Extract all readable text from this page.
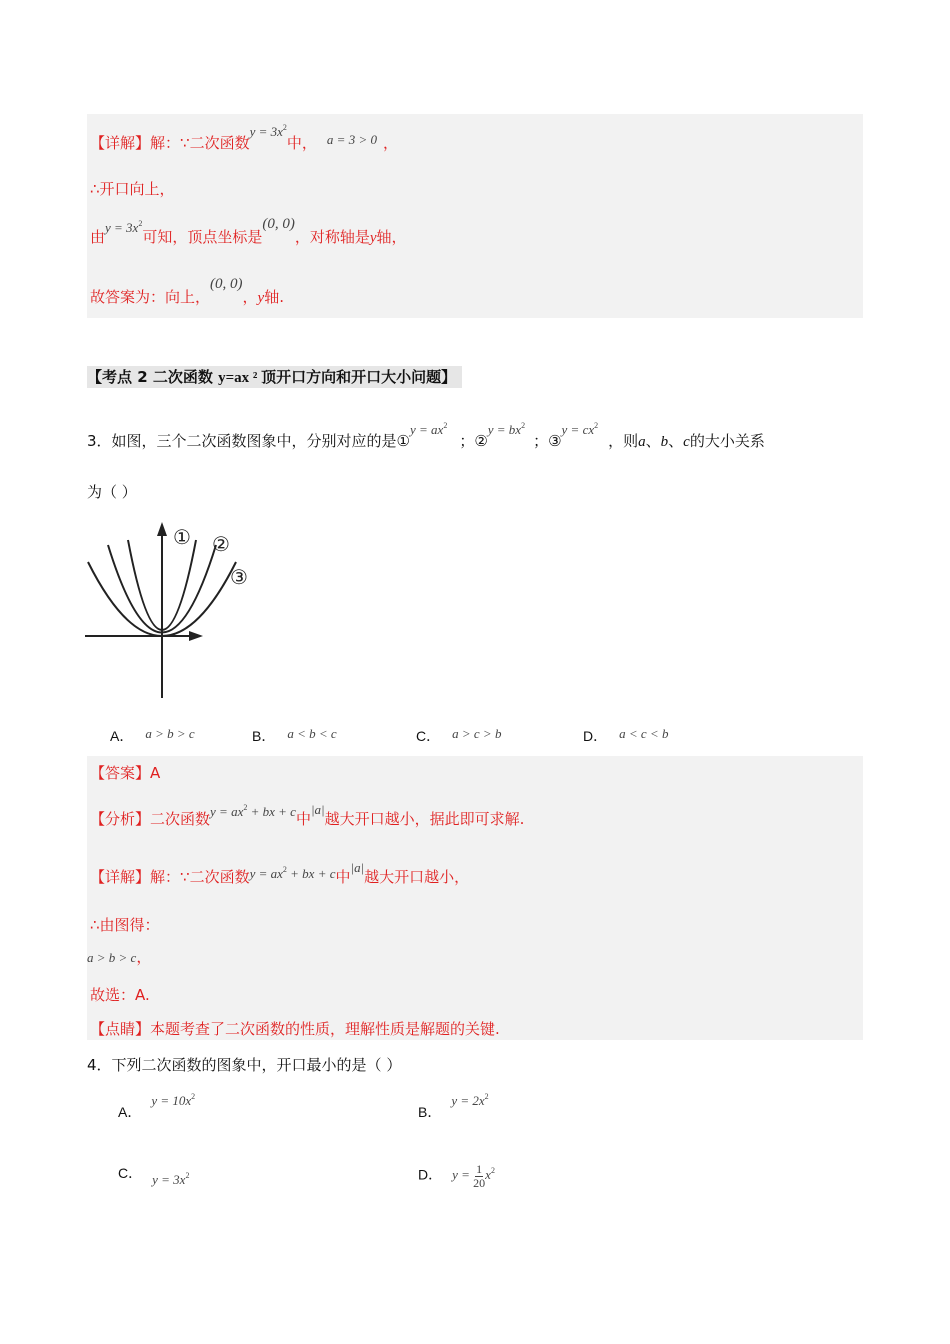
【详解】解：∵二次函数$y = 3x^2$中， a = 3 > 0 ，
∴开口向上，
由$y = 3x^2$可知，顶点坐标是(0, 0)，对称轴是y轴，
故答案为：向上，(0, 0)，y轴.
【考点 2 二次函数 y=ax ² 顶开口方向和开口大小问题】
3．如图，三个二次函数图象中，分别对应的是①y = $ax^2$；②y = $bx^2$；③y = $cx^2$，则a、b、c的大小关系
为（ ）
① ②
③
A． a > b > c	B． a < b < c	C． a > c > b	D． a < c < b
【答案】A
【分析】二次函数$y = ax^2$ + bx + c中|a|越大开口越小，据此即可求解.
【详解】解：∵二次函数$y = ax^2$ + bx + c中|a|越大开口越小，
∴由图得：
a > b > c，
故选：A.
【点睛】本题考查了二次函数的性质，理解性质是解题的关键.
4．下列二次函数的图象中，开口最小的是（ ）
A．$y = 10x^2$
B．$y = 2x^2$
C． $y = 3x^2$	D． $y = \frac{1}{20} x^2$
